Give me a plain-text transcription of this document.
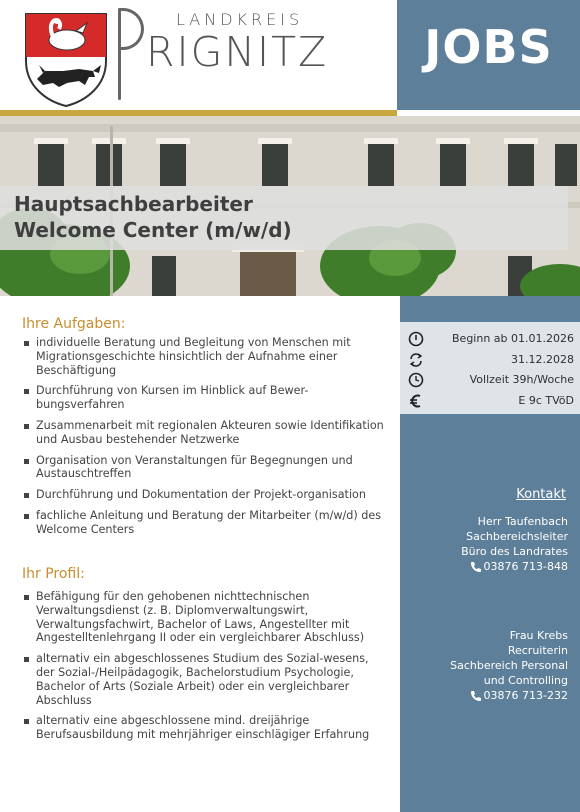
LANDKREIS
RIGNITZ	JOBS
Hauptsachbearbeiter
Welcome Center (m/w/d)
Ihre Aufgaben:
individuelle Beratung und Begleitung von Menschen mit Migrationsgeschichte hinsichtlich der Aufnahme einer Beschäftigung
Durchführung von Kursen im Hinblick auf Bewer-bungsverfahren
Zusammenarbeit mit regionalen Akteuren sowie Identifikation und Ausbau bestehender Netzwerke
Organisation von Veranstaltungen für Begegnungen und Austauschtreffen
Durchführung und Dokumentation der Projekt-organisation
fachliche Anleitung und Beratung der Mitarbeiter (m/w/d) des Welcome Centers
Ihr Profil:
Befähigung für den gehobenen nichttechnischen Verwaltungsdienst (z. B. Diplomverwaltungswirt, Verwaltungsfachwirt, Bachelor of Laws, Angestellter mit Angestelltenlehrgang II oder ein vergleichbarer Abschluss)
alternativ ein abgeschlossenes Studium des Sozial-wesens, der Sozial-/Heilpädagogik, Bachelorstudium Psychologie, Bachelor of Arts (Soziale Arbeit) oder ein vergleichbarer Abschluss
alternativ eine abgeschlossene mind. dreijährige Berufsausbildung mit mehrjähriger einschlägiger Erfahrung
Beginn ab 01.01.2026
31.12.2028
Vollzeit 39h/Woche
E 9c TVöD
Kontakt
Herr Taufenbach
Sachbereichsleiter
Büro des Landrates
03876 713-848
Frau Krebs
Recruiterin
Sachbereich Personal
und Controlling
03876 713-232
